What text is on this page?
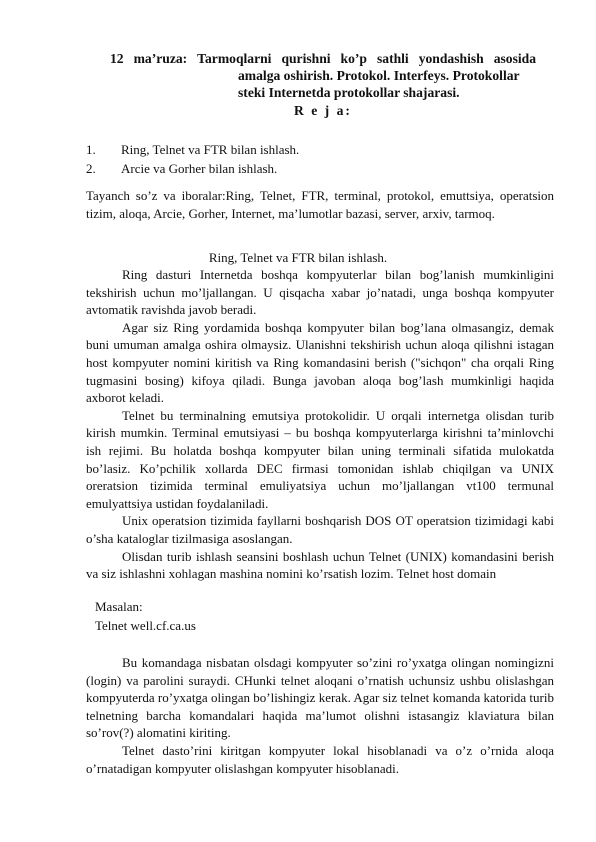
12 ma’ruza: Tarmoqlarni qurishni ko’p sathli yondashish asosida
amalga oshirish. Protokol. Interfeys. Protokollar
steki Internetda protokollar shajarasi.
R e j a:
1.	Ring, Telnet va FTR bilan ishlash.
2.	Arcie va Gorher bilan ishlash.

Tayanch so’z va iboralar:Ring, Telnet, FTR, terminal, protokol, emuttsiya, operatsion tizim, aloqa, Arcie, Gorher, Internet, ma’lumotlar bazasi, server, arxiv, tarmoq.

Ring, Telnet va FTR bilan ishlash.

Ring dasturi Internetda boshqa kompyuterlar bilan bog’lanish mumkinligini tekshirish uchun mo’ljallangan. U qisqacha xabar jo’natadi, unga boshqa kompyuter avtomatik ravishda javob beradi.

Agar siz Ring yordamida boshqa kompyuter bilan bog’lana olmasangiz, demak buni umuman amalga oshira olmaysiz. Ulanishni tekshirish uchun aloqa qilishni istagan host kompyuter nomini kiritish va Ring komandasini berish ("sichqon" cha orqali Ring tugmasini bosing) kifoya qiladi. Bunga javoban aloqa bog’lash mumkinligi haqida axborot keladi.

Telnet bu terminalning emutsiya protokolidir. U orqali internetga olisdan turib kirish mumkin. Terminal emutsiyasi – bu boshqa kompyuterlarga kirishni ta’minlovchi ish rejimi. Bu holatda boshqa kompyuter bilan uning terminali sifatida mulokatda bo’lasiz. Ko’pchilik xollarda DEC firmasi tomonidan ishlab chiqilgan va UNIX oreratsion tizimida terminal emuliyatsiya uchun mo’ljallangan vt100 termunal emulyattsiya ustidan foydalaniladi.

Unix operatsion tizimida fayllarni boshqarish DOS OT operatsion tizimidagi kabi o’sha kataloglar tizilmasiga asoslangan.

Olisdan turib ishlash seansini boshlash uchun Telnet (UNIX) komandasini berish va siz ishlashni xohlagan mashina nomini ko’rsatish lozim. Telnet host domain

Masalan:
Telnet well.cf.ca.us

Bu komandaga nisbatan olsdagi kompyuter so’zini ro’yxatga olingan nomingizni (login) va parolini suraydi. CHunki telnet aloqani o’rnatish uchunsiz ushbu olislashgan kompyuterda ro’yxatga olingan bo’lishingiz kerak. Agar siz telnet komanda katorida turib telnetning barcha komandalari haqida ma’lumot olishni istasangiz klaviatura bilan so’rov(?) alomatini kiriting.

Telnet dasto’rini kiritgan kompyuter lokal hisoblanadi va o’z o’rnida aloqa o’rnatadigan kompyuter olislashgan kompyuter hisoblanadi.
